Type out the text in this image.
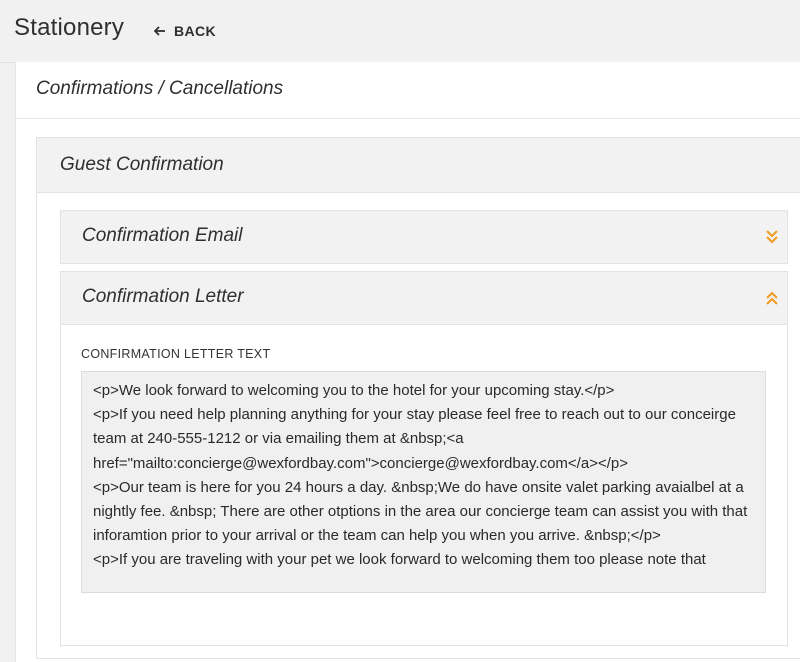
Stationery	BACK
Confirmations / Cancellations
Guest Confirmation
Confirmation Email
Confirmation Letter
CONFIRMATION LETTER TEXT
<p>We look forward to welcoming you to the hotel for your upcoming stay.</p>
<p>If you need help planning anything for your stay please feel free to reach out to our conceirge team at 240-555-1212 or via emailing them at &nbsp;<a href="mailto:concierge@wexfordbay.com">concierge@wexfordbay.com</a></p>
<p>Our team is here for you 24 hours a day. &nbsp;We do have onsite valet parking avaialbel at a nightly fee. &nbsp; There are other otptions in the area our concierge team can assist you with that inforamtion prior to your arrival or the team can help you when you arrive. &nbsp;</p>
<p>If you are traveling with your pet we look forward to welcoming them too please note that
